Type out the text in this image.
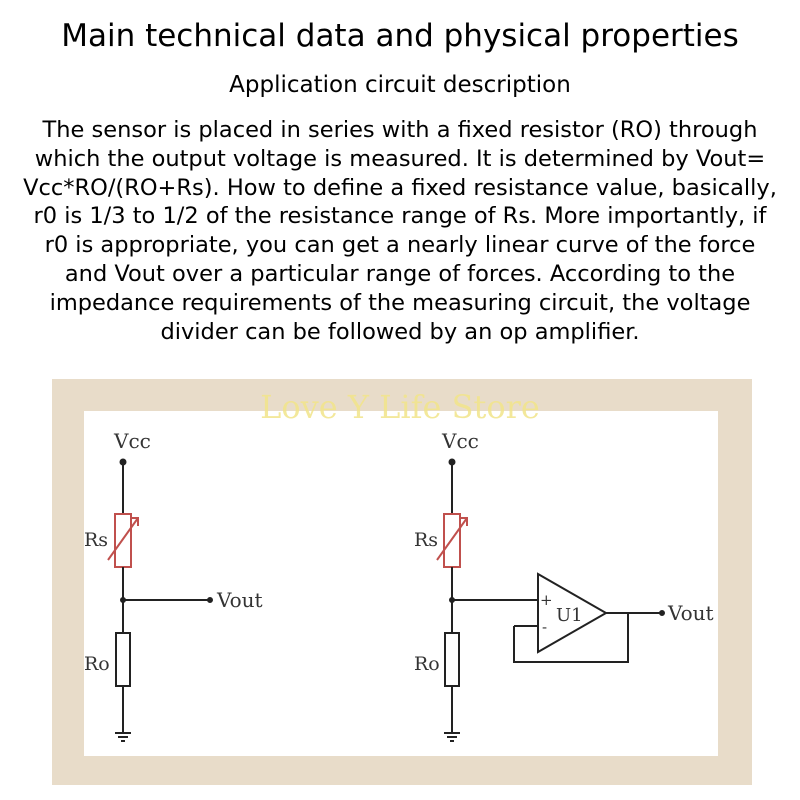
Main technical data and physical properties
Application circuit description
The sensor is placed in series with a fixed resistor (RO) through which the output voltage is measured. It is determined by Vout= Vcc*RO/(RO+Rs). How to define a fixed resistance value, basically, r0 is 1/3 to 1/2 of the resistance range of Rs. More importantly, if r0 is appropriate, you can get a nearly linear curve of the force and Vout over a particular range of forces. According to the impedance requirements of the measuring circuit, the voltage divider can be followed by an op amplifier.
Vcc
Rs
Ro
Vout
Vcc
Rs
Ro
+
-
U1	Vout
Love Y Life Store
